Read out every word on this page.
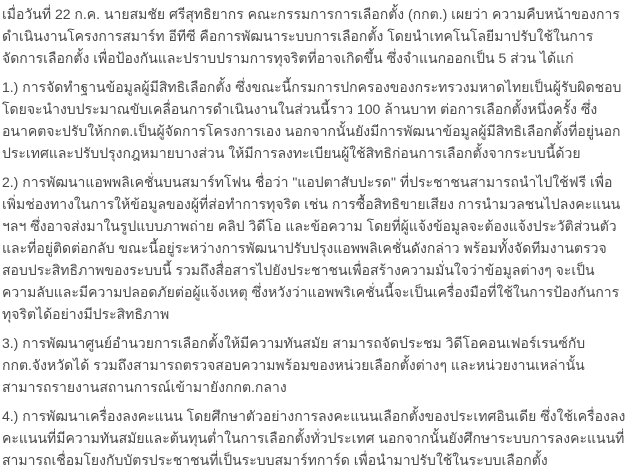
เมื่อวันที่ 22 ก.ค. นายสมชัย ศรีสุทธิยากร คณะกรรมการการเลือกตั้ง (กกต.) เผยว่า ความคืบหน้าของการดำเนินงานโครงการสมาร์ท อีทีซี คือการพัฒนาระบบการเลือกตั้ง โดยนำเทคโนโลยีมาปรับใช้ในการจัดการเลือกตั้ง เพื่อป้องกันและปราบปรามการทุจริตที่อาจเกิดขึ้น ซึ่งจำแนกออกเป็น 5 ส่วน ได้แก่

1.) การจัดทำฐานข้อมูลผู้มีสิทธิเลือกตั้ง ซึ่งขณะนี้กรมการปกครองของกระทรวงมหาดไทยเป็นผู้รับผิดชอบ โดยจะนำงบประมาณขับเคลื่อนการดำเนินงานในส่วนนี้ราว 100 ล้านบาท ต่อการเลือกตั้งหนึ่งครั้ง ซึ่งอนาคตจะปรับให้กกต.เป็นผู้จัดการโครงการเอง นอกจากนั้นยังมีการพัฒนาข้อมูลผู้มีสิทธิเลือกตั้งที่อยู่นอกประเทศและปรับปรุงกฎหมายบางส่วน ให้มีการลงทะเบียนผู้ใช้สิทธิก่อนการเลือกตั้งจากระบบนี้ด้วย

2.) การพัฒนาแอพพลิเคชั่นบนสมาร์ทโฟน ชื่อว่า "แอปตาสับปะรด" ที่ประชาชนสามารถนำไปใช้ฟรี เพื่อเพิ่มช่องทางในการให้ข้อมูลของผู้ที่ส่อทำการทุจริต เช่น การซื้อสิทธิขายเสียง การนำมวลชนไปลงคะแนนฯลฯ ซึ่งอาจส่งมาในรูปแบบภาพถ่าย คลิป วิดีโอ และข้อความ โดยที่ผู้แจ้งข้อมูลจะต้องแจ้งประวัติส่วนตัวและที่อยู่ติดต่อกลับ ขณะนี้อยู่ระหว่างการพัฒนาปรับปรุงแอพพลิเคชั่นดังกล่าว พร้อมทั้งจัดทีมงานตรวจสอบประสิทธิภาพของระบบนี้ รวมถึงสื่อสารไปยังประชาชนเพื่อสร้างความมั่นใจว่าข้อมูลต่างๆ จะเป็นความลับและมีความปลอดภัยต่อผู้แจ้งเหตุ ซึ่งหวังว่าแอพพริเคชั่นนี้จะเป็นเครื่องมือที่ใช้ในการป้องกันการทุจริตได้อย่างมีประสิทธิภาพ

3.) การพัฒนาศูนย์อำนวยการเลือกตั้งให้มีความทันสมัย สามารถจัดประชม วิดีโอคอนเฟอร์เรนซ์กับกกต.จังหวัดได้ รวมถึงสามารถตรวจสอบความพร้อมของหน่วยเลือกตั้งต่างๆ และหน่วยงานเหล่านั้นสามารถรายงานสถานการณ์เข้ามายังกกต.กลาง

4.) การพัฒนาเครื่องลงคะแนน โดยศึกษาตัวอย่างการลงคะแนนเลือกตั้งของประเทศอินเดีย ซึ่งใช้เครื่องลงคะแนนที่มีความทันสมัยและต้นทุนต่ำในการเลือกตั้งทั่วประเทศ นอกจากนั้นยังศึกษาระบบการลงคะแนนที่สามารถเชื่อมโยงกับบัตรประชาชนที่เป็นระบบสมาร์ทการ์ด เพื่อนำมาปรับใช้ในระบบเลือกตั้ง
